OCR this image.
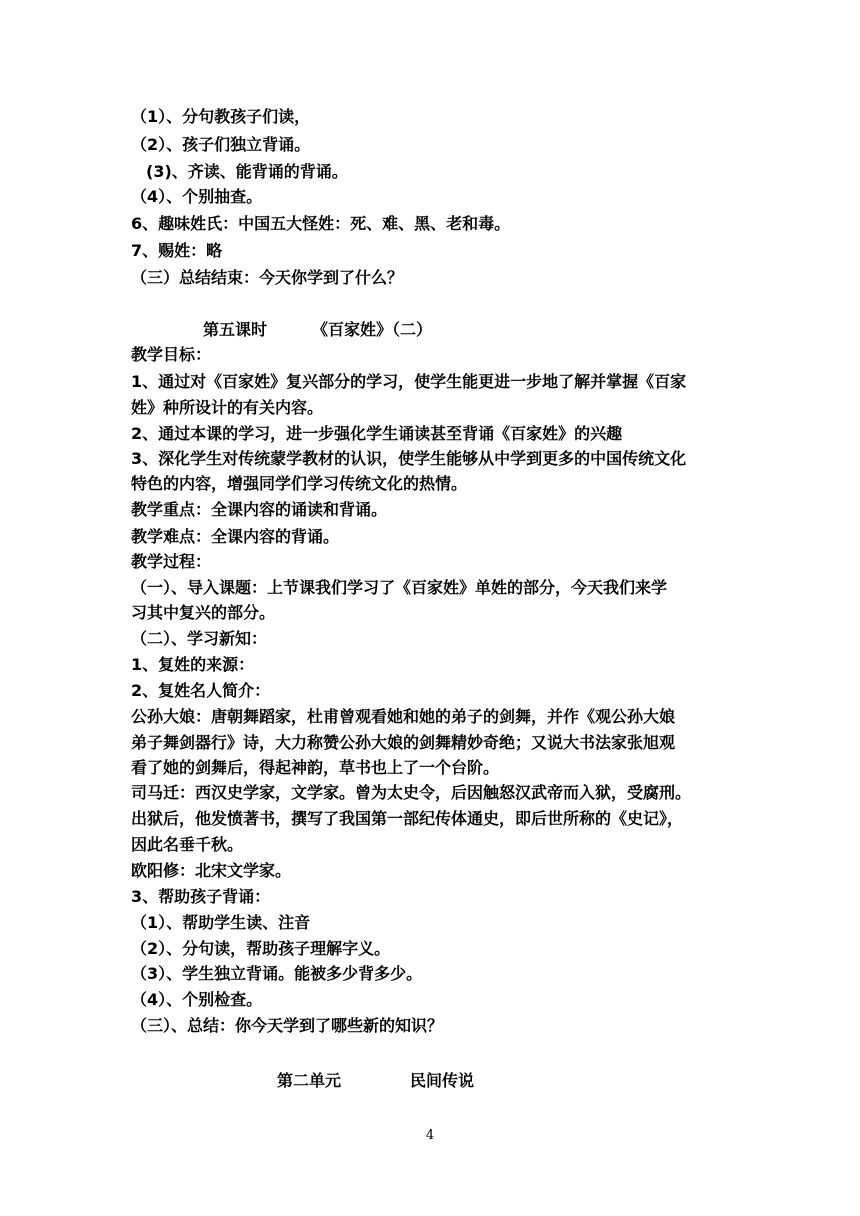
（1）、分句教孩子们读，
（2）、孩子们独立背诵。
(3)、齐读、能背诵的背诵。
（4）、个别抽查。
6、趣味姓氏：中国五大怪姓：死、难、黑、老和毒。
7、赐姓：略
（三）总结结束：今天你学到了什么？
第五课时	《百家姓》（二）
教学目标：
1、通过对《百家姓》复兴部分的学习，使学生能更进一步地了解并掌握《百家
姓》种所设计的有关内容。
2、通过本课的学习，进一步强化学生诵读甚至背诵《百家姓》的兴趣
3、深化学生对传统蒙学教材的认识，使学生能够从中学到更多的中国传统文化
特色的内容，增强同学们学习传统文化的热情。
教学重点：全课内容的诵读和背诵。
教学难点：全课内容的背诵。
教学过程：
（一）、导入课题：上节课我们学习了《百家姓》单姓的部分，今天我们来学
习其中复兴的部分。
（二）、学习新知：
1、复姓的来源：
2、复姓名人简介：
公孙大娘：唐朝舞蹈家，杜甫曾观看她和她的弟子的剑舞，并作《观公孙大娘
弟子舞剑器行》诗，大力称赞公孙大娘的剑舞精妙奇绝；又说大书法家张旭观
看了她的剑舞后，得起神韵，草书也上了一个台阶。
司马迁：西汉史学家，文学家。曾为太史令，后因触怒汉武帝而入狱，受腐刑。
出狱后，他发愤著书，撰写了我国第一部纪传体通史，即后世所称的《史记》，
因此名垂千秋。
欧阳修：北宋文学家。
3、帮助孩子背诵：
（1）、帮助学生读、注音
（2）、分句读，帮助孩子理解字义。
（3）、学生独立背诵。能被多少背多少。
（4）、个别检查。
（三）、总结：你今天学到了哪些新的知识？
第二单元	民间传说
4
